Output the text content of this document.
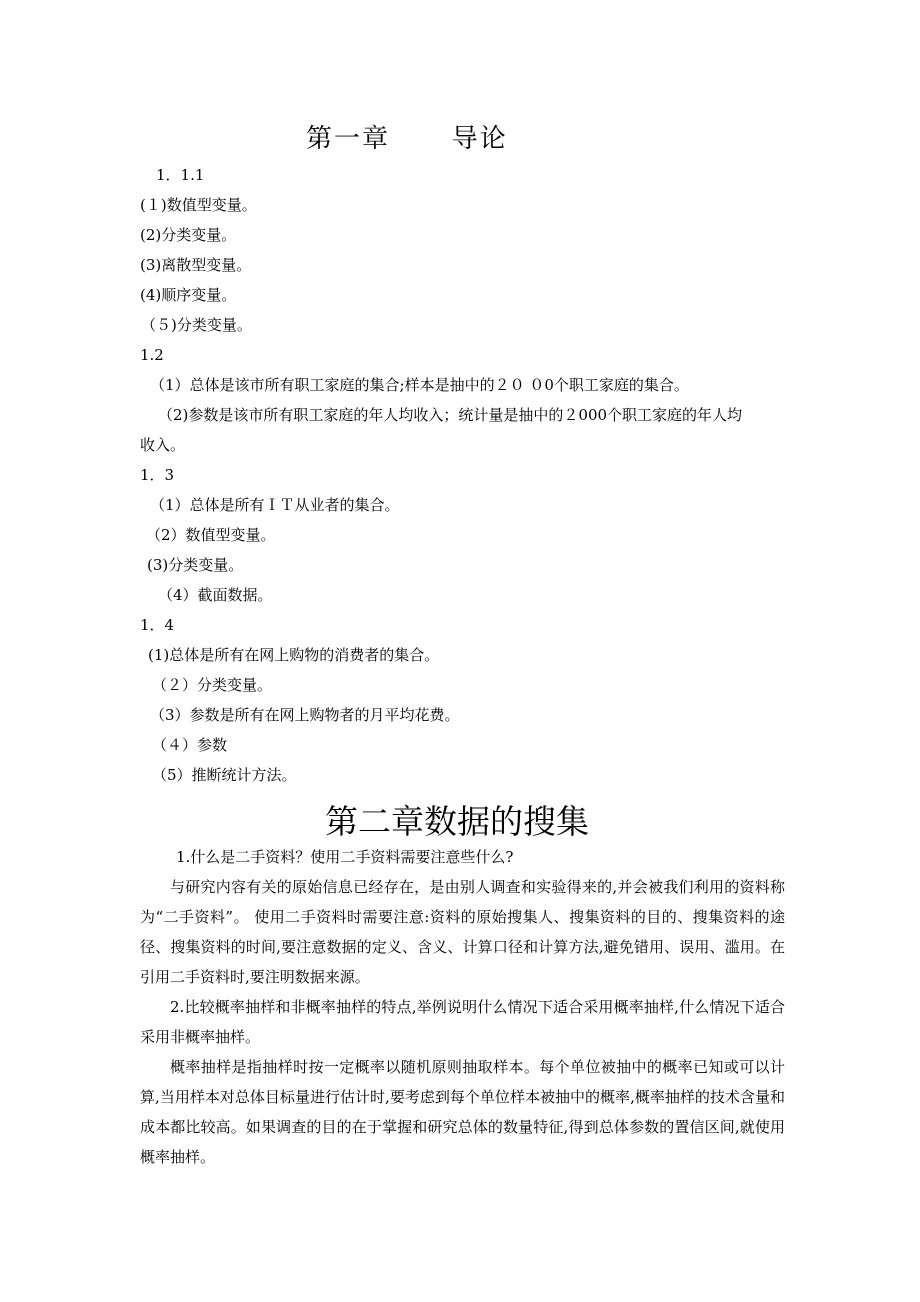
第一章      导论
1．1.1
(１)数值型变量。
(2)分类变量。
(3)离散型变量。
(4)顺序变量。
（５)分类变量。
1.2
（1）总体是该市所有职工家庭的集合;样本是抽中的２０ ０0个职工家庭的集合。
（2)参数是该市所有职工家庭的年人均收入；统计量是抽中的２000个职工家庭的年人均
收入。
1．3
（1）总体是所有ＩＴ从业者的集合。
（2）数值型变量。
(3)分类变量。
（4）截面数据。
1．4
(1)总体是所有在网上购物的消费者的集合。
（２）分类变量。
（3）参数是所有在网上购物者的月平均花费。
（４）参数
（5）推断统计方法。
第二章数据的搜集
1.什么是二手资料？使用二手资料需要注意些什么?
与研究内容有关的原始信息已经存在，是由别人调查和实验得来的,并会被我们利用的资料称为“二手资料”。 使用二手资料时需要注意:资料的原始搜集人、搜集资料的目的、搜集资料的途径、搜集资料的时间,要注意数据的定义、含义、计算口径和计算方法,避免错用、误用、滥用。在引用二手资料时,要注明数据来源。
2.比较概率抽样和非概率抽样的特点,举例说明什么情况下适合采用概率抽样,什么情况下适合采用非概率抽样。
概率抽样是指抽样时按一定概率以随机原则抽取样本。每个单位被抽中的概率已知或可以计算,当用样本对总体目标量进行估计时,要考虑到每个单位样本被抽中的概率,概率抽样的技术含量和成本都比较高。如果调查的目的在于掌握和研究总体的数量特征,得到总体参数的置信区间,就使用概率抽样。
